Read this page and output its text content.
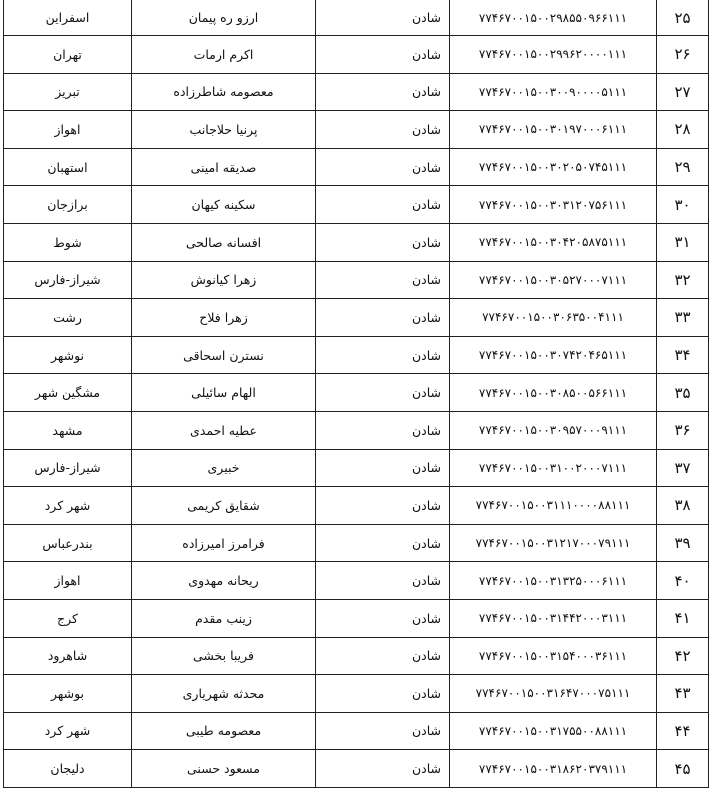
۲۵	۷۷۴۶۷۰۰۱۵۰۰۲۹۸۵۵۰۹۶۶۱۱۱	شادن	ارزو ره پیمان	اسفراین
۲۶	۷۷۴۶۷۰۰۱۵۰۰۲۹۹۶۲۰۰۰۰۱۱۱	شادن	اکرم ارمات	تهران
۲۷	۷۷۴۶۷۰۰۱۵۰۰۳۰۰۹۰۰۰۰۵۱۱۱	شادن	معصومه شاطرزاده	تبریز
۲۸	۷۷۴۶۷۰۰۱۵۰۰۳۰۱۹۷۰۰۰۶۱۱۱	شادن	پرنیا حلاجانب	اهواز
۲۹	۷۷۴۶۷۰۰۱۵۰۰۳۰۲۰۵۰۷۴۵۱۱۱	شادن	صدیقه امینی	استهبان
۳۰	۷۷۴۶۷۰۰۱۵۰۰۳۰۳۱۲۰۷۵۶۱۱۱	شادن	سکینه کیهان	برازجان
۳۱	۷۷۴۶۷۰۰۱۵۰۰۳۰۴۲۰۵۸۷۵۱۱۱	شادن	افسانه صالحی	شوط
۳۲	۷۷۴۶۷۰۰۱۵۰۰۳۰۵۲۷۰۰۰۷۱۱۱	شادن	زهرا کیانوش	شیراز-فارس
۳۳	۷۷۴۶۷۰۰۱۵۰۰۳۰۶۳۵۰۰۴۱۱۱	شادن	زهرا فلاح	رشت
۳۴	۷۷۴۶۷۰۰۱۵۰۰۳۰۷۴۲۰۴۶۵۱۱۱	شادن	نسترن اسحاقی	نوشهر
۳۵	۷۷۴۶۷۰۰۱۵۰۰۳۰۸۵۰۰۵۶۶۱۱۱	شادن	الهام سائیلی	مشگین شهر
۳۶	۷۷۴۶۷۰۰۱۵۰۰۳۰۹۵۷۰۰۰۹۱۱۱	شادن	عطیه احمدی	مشهد
۳۷	۷۷۴۶۷۰۰۱۵۰۰۳۱۰۰۲۰۰۰۷۱۱۱	شادن	خبیری	شیراز-فارس
۳۸	۷۷۴۶۷۰۰۱۵۰۰۳۱۱۱۰۰۰۰۸۸۱۱۱	شادن	شقایق کریمی	شهر کرد
۳۹	۷۷۴۶۷۰۰۱۵۰۰۳۱۲۱۷۰۰۰۷۹۱۱۱	شادن	فرامرز امیرزاده	بندرعباس
۴۰	۷۷۴۶۷۰۰۱۵۰۰۳۱۳۲۵۰۰۰۶۱۱۱	شادن	ریحانه مهدوی	اهواز
۴۱	۷۷۴۶۷۰۰۱۵۰۰۳۱۴۴۲۰۰۰۳۱۱۱	شادن	زینب مقدم	کرج
۴۲	۷۷۴۶۷۰۰۱۵۰۰۳۱۵۴۰۰۰۳۶۱۱۱	شادن	فریبا بخشی	شاهرود
۴۳	۷۷۴۶۷۰۰۱۵۰۰۳۱۶۴۷۰۰۰۷۵۱۱۱	شادن	محدثه شهریاری	بوشهر
۴۴	۷۷۴۶۷۰۰۱۵۰۰۳۱۷۵۵۰۰۸۸۱۱۱	شادن	معصومه طیبی	شهر کرد
۴۵	۷۷۴۶۷۰۰۱۵۰۰۳۱۸۶۲۰۳۷۹۱۱۱	شادن	مسعود حسنی	دلیجان
